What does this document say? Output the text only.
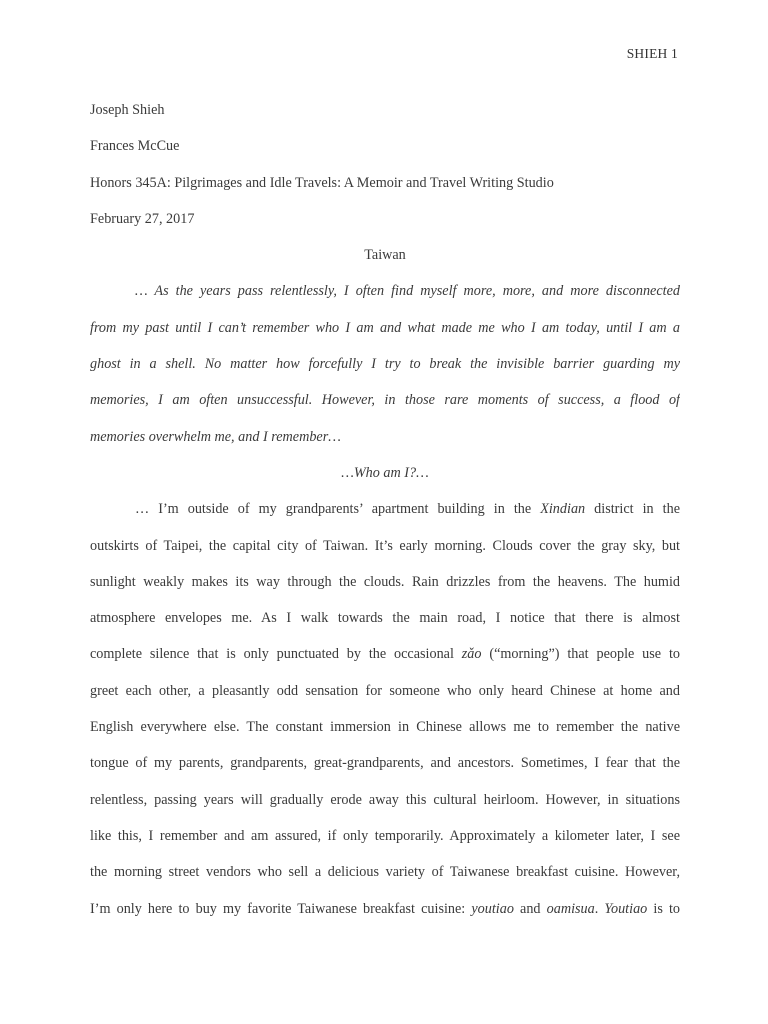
SHIEH 1
Joseph Shieh
Frances McCue
Honors 345A: Pilgrimages and Idle Travels: A Memoir and Travel Writing Studio
February 27, 2017
Taiwan
… As the years pass relentlessly, I often find myself more, more, and more disconnected
from my past until I can’t remember who I am and what made me who I am today, until I am a
ghost in a shell. No matter how forcefully I try to break the invisible barrier guarding my
memories, I am often unsuccessful. However, in those rare moments of success, a flood of
memories overwhelm me, and I remember…
…Who am I?…
… I’m outside of my grandparents’ apartment building in the Xindian district in the
outskirts of Taipei, the capital city of Taiwan. It’s early morning. Clouds cover the gray sky, but
sunlight weakly makes its way through the clouds. Rain drizzles from the heavens. The humid
atmosphere envelopes me. As I walk towards the main road, I notice that there is almost
complete silence that is only punctuated by the occasional zǎo (“morning”) that people use to
greet each other, a pleasantly odd sensation for someone who only heard Chinese at home and
English everywhere else. The constant immersion in Chinese allows me to remember the native
tongue of my parents, grandparents, great-grandparents, and ancestors. Sometimes, I fear that the
relentless, passing years will gradually erode away this cultural heirloom. However, in situations
like this, I remember and am assured, if only temporarily. Approximately a kilometer later, I see
the morning street vendors who sell a delicious variety of Taiwanese breakfast cuisine. However,
I’m only here to buy my favorite Taiwanese breakfast cuisine: youtiao and oamisua. Youtiao is to
